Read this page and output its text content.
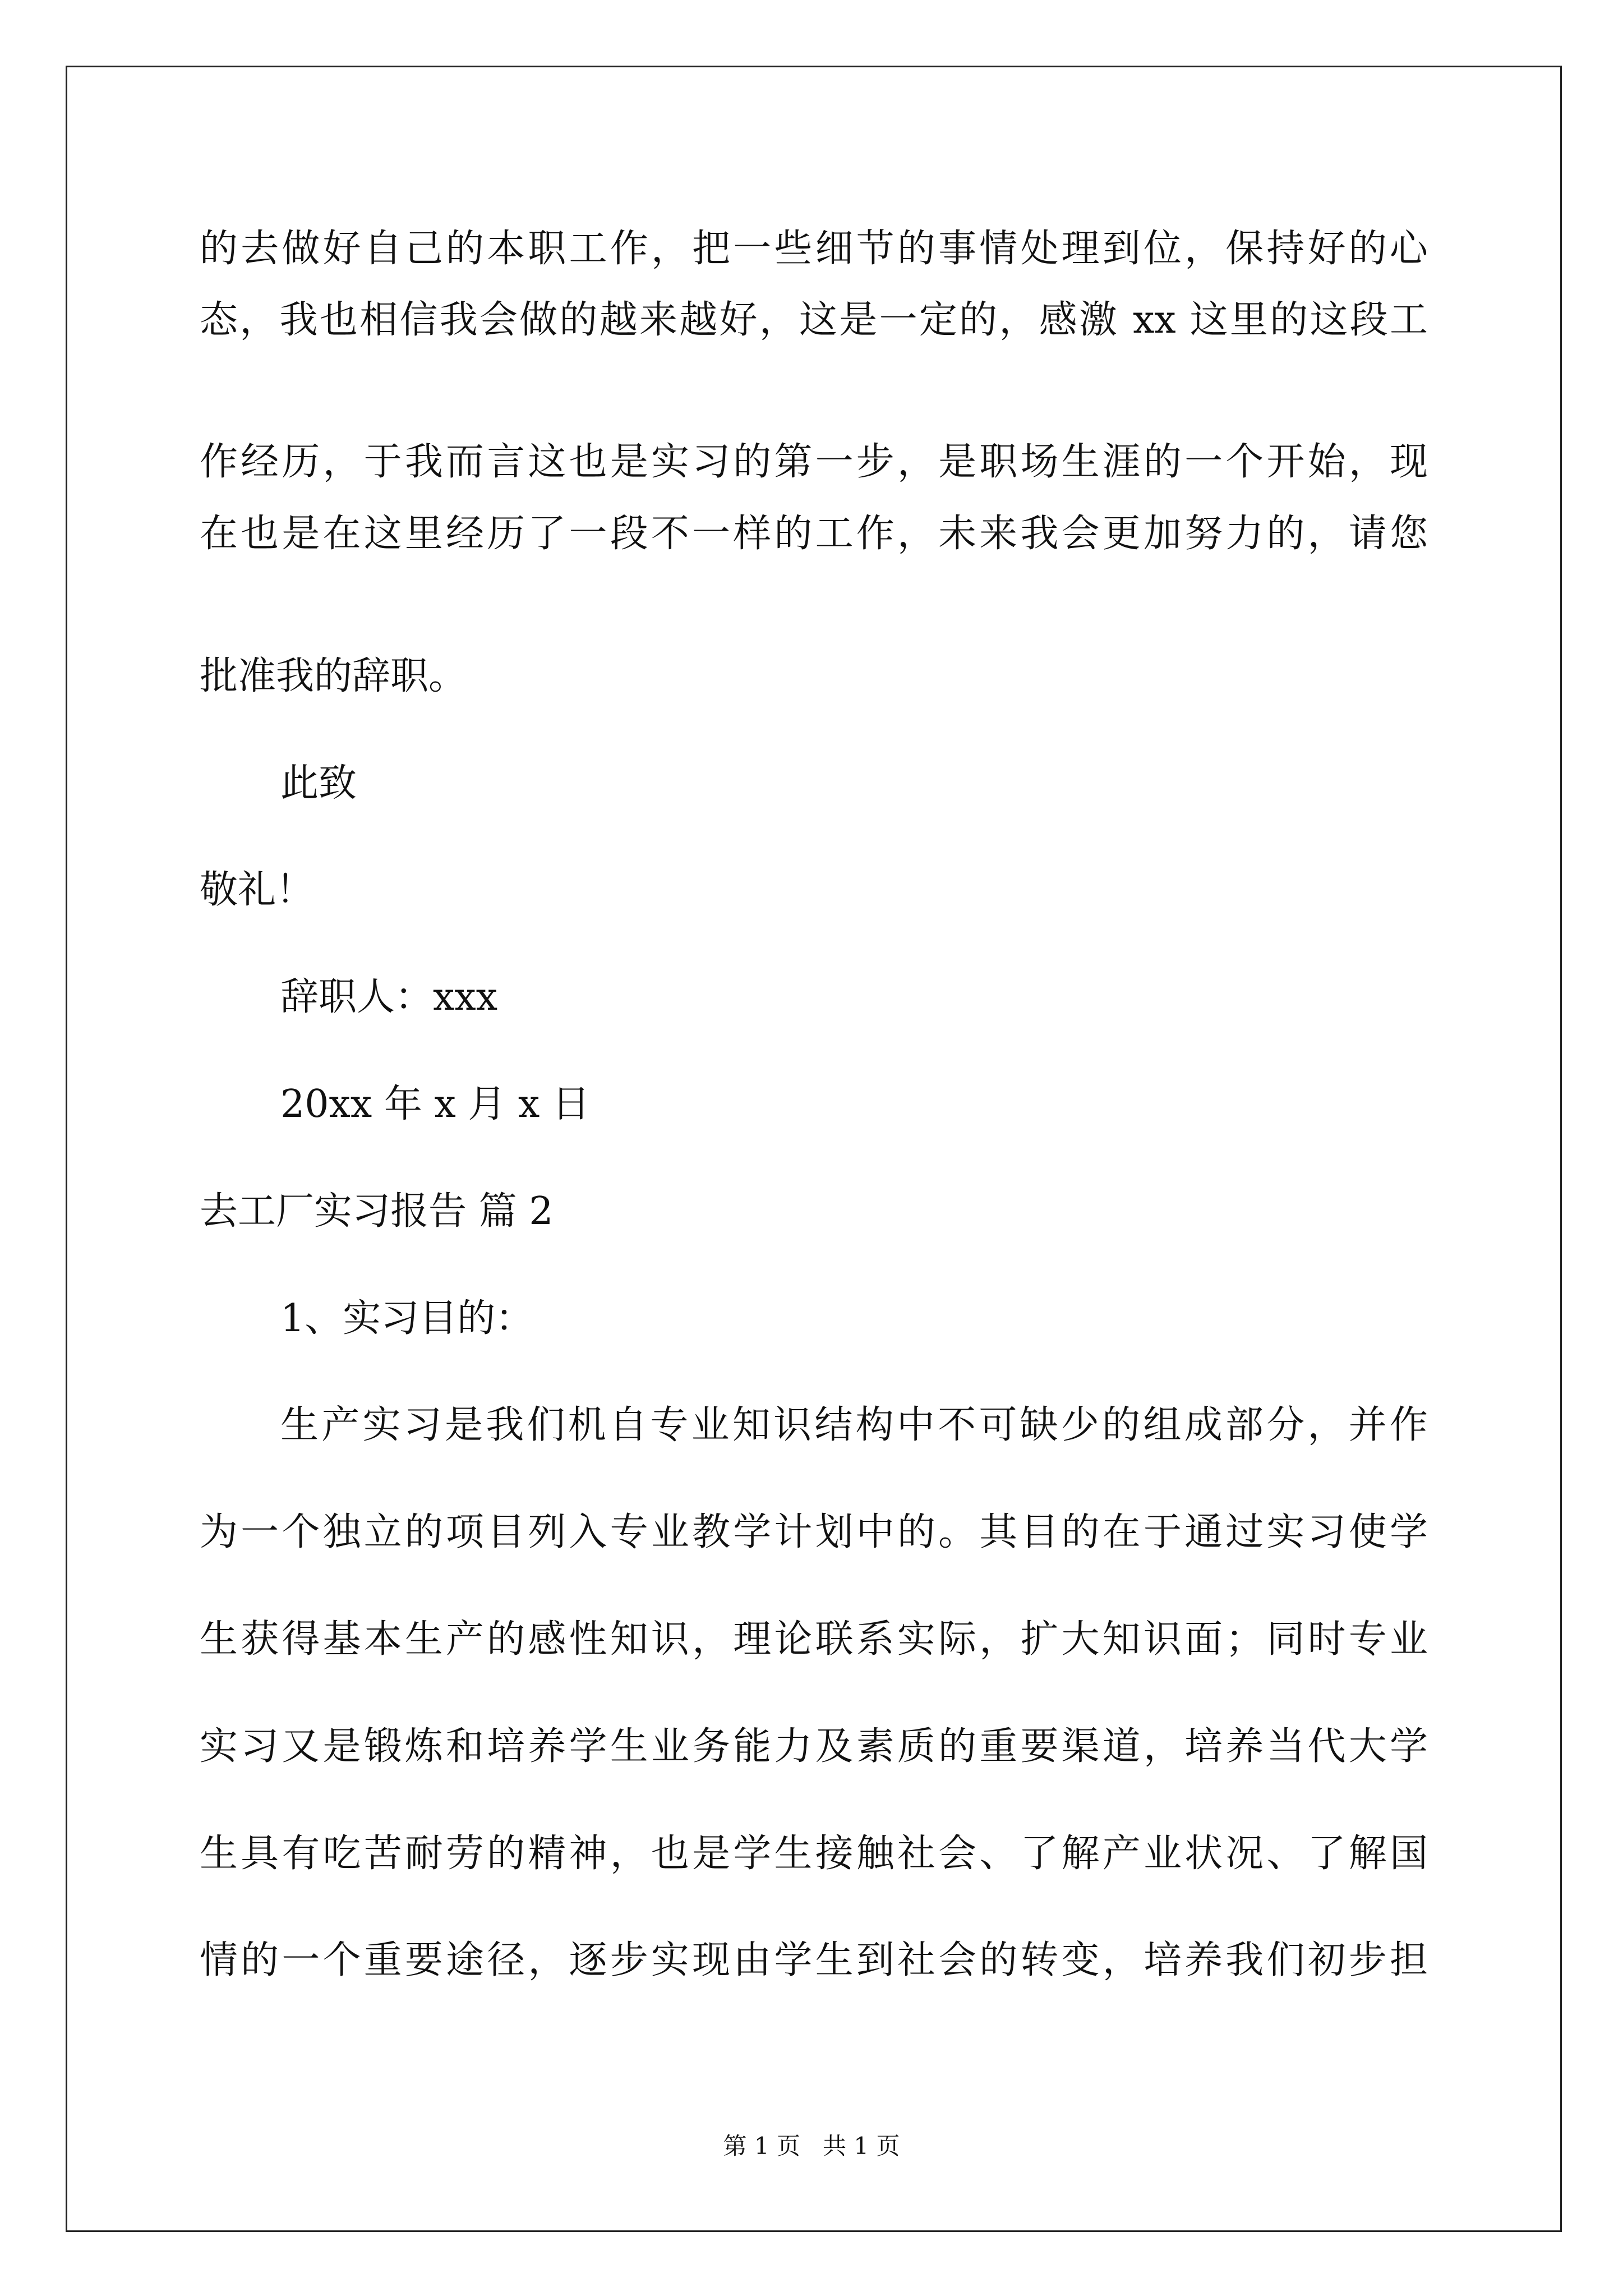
的去做好自己的本职工作，把一些细节的事情处理到位，保持好的心
态，我也相信我会做的越来越好，这是一定的，感激 xx 这里的这段工
作经历，于我而言这也是实习的第一步，是职场生涯的一个开始，现
在也是在这里经历了一段不一样的工作，未来我会更加努力的，请您
批准我的辞职。
此致
敬礼！
辞职人：xxx
20xx 年 x 月 x 日
去工厂实习报告 篇 2
1、实习目的：
生产实习是我们机自专业知识结构中不可缺少的组成部分，并作
为一个独立的项目列入专业教学计划中的。其目的在于通过实习使学
生获得基本生产的感性知识，理论联系实际，扩大知识面；同时专业
实习又是锻炼和培养学生业务能力及素质的重要渠道，培养当代大学
生具有吃苦耐劳的精神，也是学生接触社会、了解产业状况、了解国
情的一个重要途径，逐步实现由学生到社会的转变，培养我们初步担
第 1 页   共 1 页
